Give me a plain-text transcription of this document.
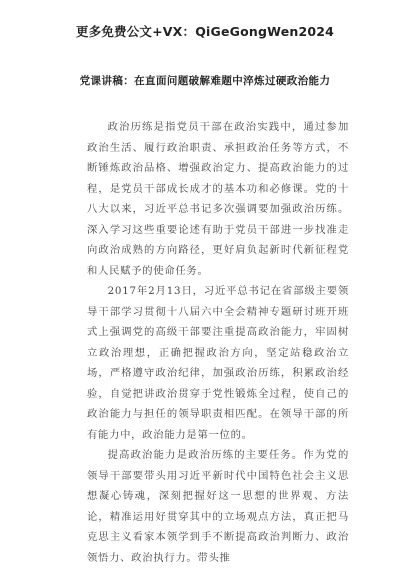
更多免费公文+VX：QiGeGongWen2024
党课讲稿：在直面问题破解难题中淬炼过硬政治能力

政治历练是指党员干部在政治实践中，通过参加政治生活、履行政治职责、承担政治任务等方式，不断锤炼政治品格、增强政治定力、提高政治能力的过程，是党员干部成长成才的基本功和必修课。党的十八大以来，习近平总书记多次强调要加强政治历练。深入学习这些重要论述有助于党员干部进一步找准走向政治成熟的方向路径，更好肩负起新时代新征程党和人民赋予的使命任务。

2017年2月13日，习近平总书记在省部级主要领导干部学习贯彻十八届六中全会精神专题研讨班开班式上强调党的高级干部要注重提高政治能力，牢固树立政治理想，正确把握政治方向，坚定站稳政治立场，严格遵守政治纪律，加强政治历练，积累政治经验，自觉把讲政治贯穿于党性锻炼全过程，使自己的政治能力与担任的领导职责相匹配。在领导干部的所有能力中，政治能力是第一位的。

提高政治能力是政治历练的主要任务。作为党的领导干部要带头用习近平新时代中国特色社会主义思想凝心铸魂，深刻把握好这一思想的世界观、方法论，精准运用好贯穿其中的立场观点方法，真正把马克思主义看家本领学到手不断提高政治判断力、政治领悟力、政治执行力。带头推
